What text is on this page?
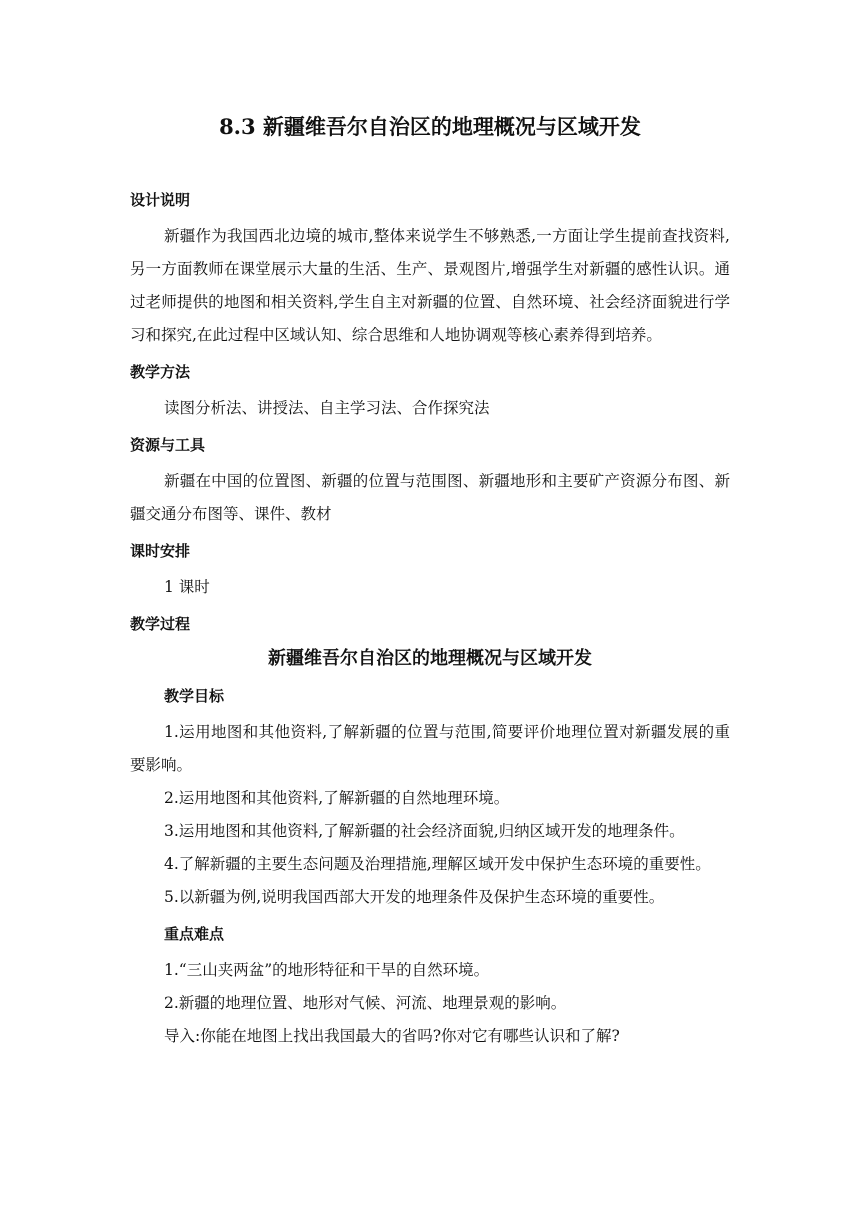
8.3 新疆维吾尔自治区的地理概况与区域开发
设计说明

新疆作为我国西北边境的城市,整体来说学生不够熟悉,一方面让学生提前查找资料,另一方面教师在课堂展示大量的生活、生产、景观图片,增强学生对新疆的感性认识。通过老师提供的地图和相关资料,学生自主对新疆的位置、自然环境、社会经济面貌进行学习和探究,在此过程中区域认知、综合思维和人地协调观等核心素养得到培养。

教学方法

读图分析法、讲授法、自主学习法、合作探究法

资源与工具

新疆在中国的位置图、新疆的位置与范围图、新疆地形和主要矿产资源分布图、新疆交通分布图等、课件、教材

课时安排

1 课时

教学过程
新疆维吾尔自治区的地理概况与区域开发
教学目标

1.运用地图和其他资料,了解新疆的位置与范围,简要评价地理位置对新疆发展的重要影响。

2.运用地图和其他资料,了解新疆的自然地理环境。

3.运用地图和其他资料,了解新疆的社会经济面貌,归纳区域开发的地理条件。

4.了解新疆的主要生态问题及治理措施,理解区域开发中保护生态环境的重要性。

5.以新疆为例,说明我国西部大开发的地理条件及保护生态环境的重要性。

重点难点

1.“三山夹两盆”的地形特征和干旱的自然环境。

2.新疆的地理位置、地形对气候、河流、地理景观的影响。

导入:你能在地图上找出我国最大的省吗?你对它有哪些认识和了解?
